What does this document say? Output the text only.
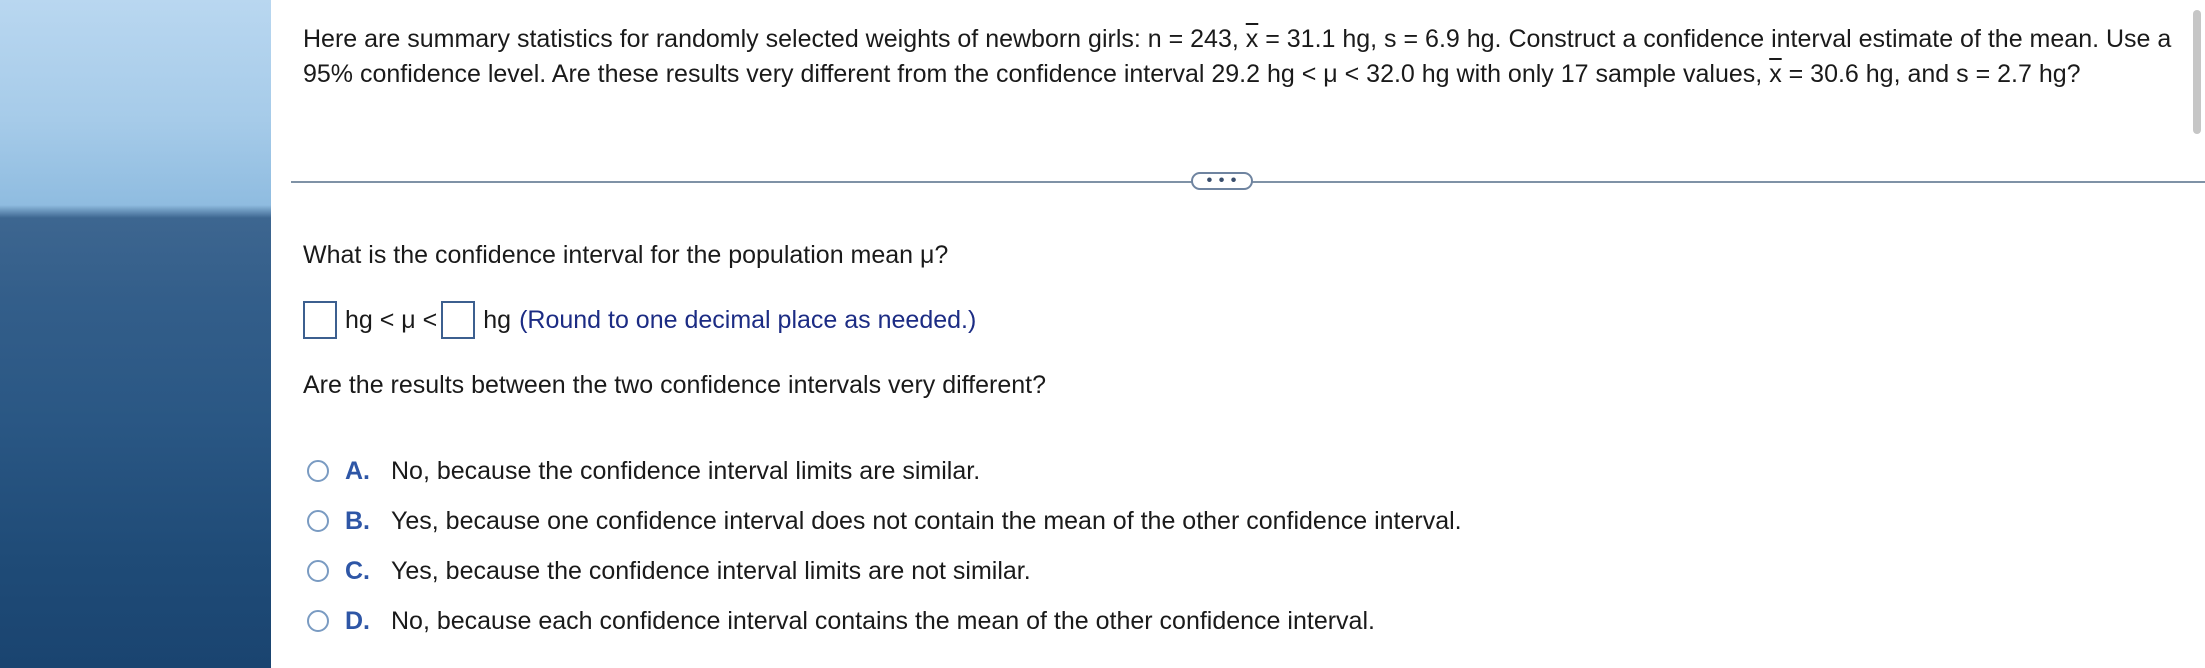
Here are summary statistics for randomly selected weights of newborn girls: n = 243, $\overline{x} = 31.1$ hg, s = 6.9 hg. Construct a confidence interval estimate of the mean. Use a 95% confidence level. Are these results very different from the confidence interval 29.2 hg < μ < 32.0 hg with only 17 sample values, $\overline{x} = 30.6$ hg, and s = 2.7 hg?
• • •
What is the confidence interval for the population mean μ?
hg < μ < hg (Round to one decimal place as needed.)
Are the results between the two confidence intervals very different?
A. No, because the confidence interval limits are similar.
B. Yes, because one confidence interval does not contain the mean of the other confidence interval.
C. Yes, because the confidence interval limits are not similar.
D. No, because each confidence interval contains the mean of the other confidence interval.
